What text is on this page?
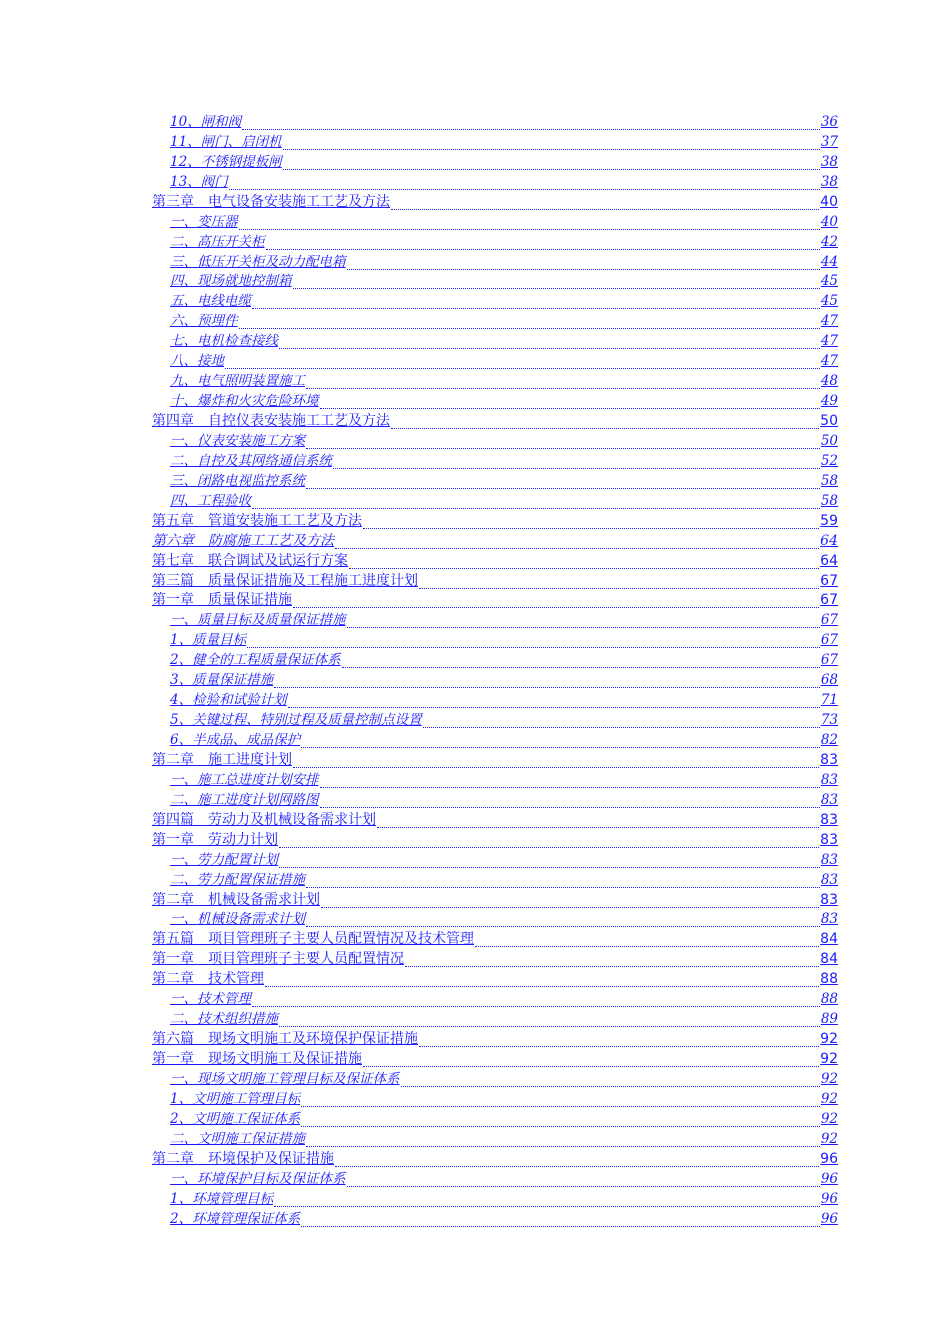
10、闸和阀	36
11、闸门、启闭机	37
12、不锈钢提板闸	38
13、阀门	38
第三章　电气设备安装施工工艺及方法	40
一、变压器	40
二、高压开关柜	42
三、低压开关柜及动力配电箱	44
四、现场就地控制箱	45
五、电线电缆	45
六、预埋件	47
七、电机检查接线	47
八、接地	47
九、电气照明装置施工	48
十、爆炸和火灾危险环境	49
第四章　自控仪表安装施工工艺及方法	50
一、仪表安装施工方案	50
二、自控及其网络通信系统	52
三、闭路电视监控系统	58
四、工程验收	58
第五章　管道安装施工工艺及方法	59
第六章　防腐施工工艺及方法	64
第七章　联合调试及试运行方案	64
第三篇　质量保证措施及工程施工进度计划	67
第一章　质量保证措施	67
一、质量目标及质量保证措施	67
1、质量目标	67
2、健全的工程质量保证体系	67
3、质量保证措施	68
4、检验和试验计划	71
5、关键过程、特别过程及质量控制点设置	73
6、半成品、成品保护	82
第二章　施工进度计划	83
一、施工总进度计划安排	83
二、施工进度计划网路图	83
第四篇　劳动力及机械设备需求计划	83
第一章　劳动力计划	83
一、劳力配置计划	83
二、劳力配置保证措施	83
第二章　机械设备需求计划	83
一、机械设备需求计划	83
第五篇　项目管理班子主要人员配置情况及技术管理	84
第一章　项目管理班子主要人员配置情况	84
第二章　技术管理	88
一、技术管理	88
二、技术组织措施	89
第六篇　现场文明施工及环境保护保证措施	92
第一章　现场文明施工及保证措施	92
一、现场文明施工管理目标及保证体系	92
1、文明施工管理目标	92
2、文明施工保证体系	92
二、文明施工保证措施	92
第二章　环境保护及保证措施	96
一、环境保护目标及保证体系	96
1、环境管理目标	96
2、环境管理保证体系	96
